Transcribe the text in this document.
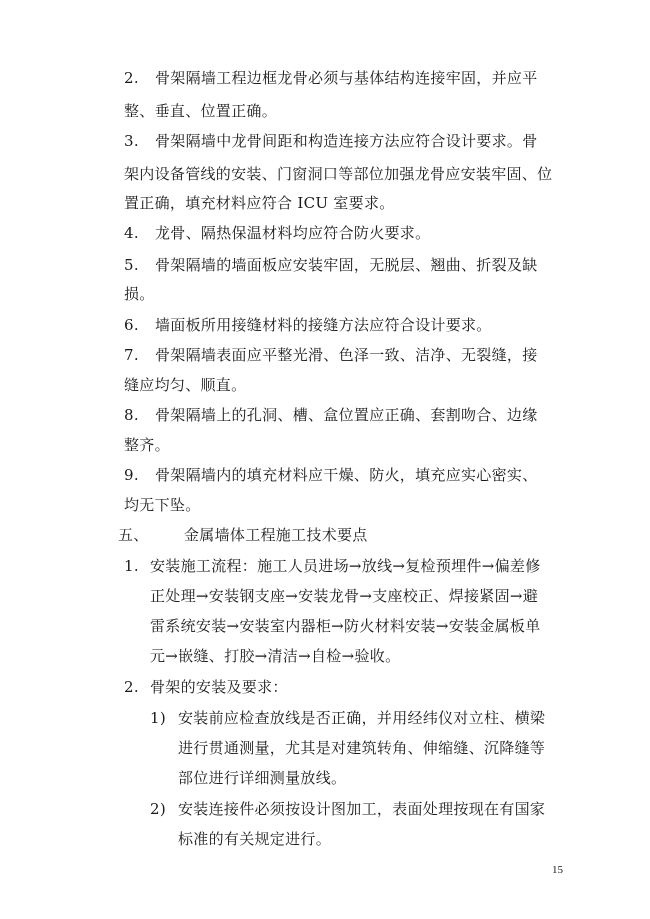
2. 骨架隔墙工程边框龙骨必须与基体结构连接牢固，并应平
整、垂直、位置正确。
3. 骨架隔墙中龙骨间距和构造连接方法应符合设计要求。骨
架内设备管线的安装、门窗洞口等部位加强龙骨应安装牢固、位
置正确，填充材料应符合 ICU 室要求。
4. 龙骨、隔热保温材料均应符合防火要求。
5. 骨架隔墙的墙面板应安装牢固，无脱层、翘曲、折裂及缺
损。
6. 墙面板所用接缝材料的接缝方法应符合设计要求。
7. 骨架隔墙表面应平整光滑、色泽一致、洁净、无裂缝，接
缝应均匀、顺直。
8. 骨架隔墙上的孔洞、槽、盒位置应正确、套割吻合、边缘
整齐。
9. 骨架隔墙内的填充材料应干燥、防火，填充应实心密实、
均无下坠。
五、 金属墙体工程施工技术要点
1. 安装施工流程：施工人员进场→放线→复检预埋件→偏差修
正处理→安装钢支座→安装龙骨→支座校正、焊接紧固→避
雷系统安装→安装室内器柜→防火材料安装→安装金属板单
元→嵌缝、打胶→清洁→自检→验收。
2. 骨架的安装及要求：
1) 安装前应检查放线是否正确，并用经纬仪对立柱、横梁
进行贯通测量，尤其是对建筑转角、伸缩缝、沉降缝等
部位进行详细测量放线。
2) 安装连接件必须按设计图加工，表面处理按现在有国家
标准的有关规定进行。
15
